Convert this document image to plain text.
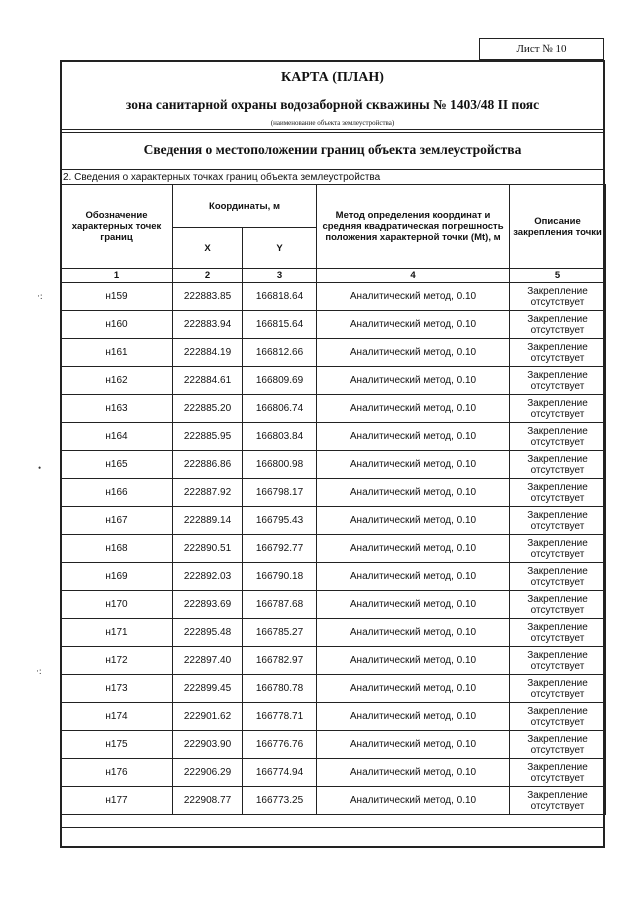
Лист № 10
КАРТА (ПЛАН)
зона санитарной охраны водозаборной скважины № 1403/48 II пояс
(наименование объекта землеустройства)
Сведения о местоположении границ объекта землеустройства
2. Сведения о характерных точках границ объекта землеустройства
Обозначение характерных точек границ	Координаты, м		Метод определения координат и средняя квадратическая погрешность положения характерной точки (Mt), м	Описание закрепления точки
	X	Y		
1	2	3	4	5
н159	222883.85	166818.64	Аналитический метод, 0.10	Закрепление отсутствует
н160	222883.94	166815.64	Аналитический метод, 0.10	Закрепление отсутствует
н161	222884.19	166812.66	Аналитический метод, 0.10	Закрепление отсутствует
н162	222884.61	166809.69	Аналитический метод, 0.10	Закрепление отсутствует
н163	222885.20	166806.74	Аналитический метод, 0.10	Закрепление отсутствует
н164	222885.95	166803.84	Аналитический метод, 0.10	Закрепление отсутствует
н165	222886.86	166800.98	Аналитический метод, 0.10	Закрепление отсутствует
н166	222887.92	166798.17	Аналитический метод, 0.10	Закрепление отсутствует
н167	222889.14	166795.43	Аналитический метод, 0.10	Закрепление отсутствует
н168	222890.51	166792.77	Аналитический метод, 0.10	Закрепление отсутствует
н169	222892.03	166790.18	Аналитический метод, 0.10	Закрепление отсутствует
н170	222893.69	166787.68	Аналитический метод, 0.10	Закрепление отсутствует
н171	222895.48	166785.27	Аналитический метод, 0.10	Закрепление отсутствует
н172	222897.40	166782.97	Аналитический метод, 0.10	Закрепление отсутствует
н173	222899.45	166780.78	Аналитический метод, 0.10	Закрепление отсутствует
н174	222901.62	166778.71	Аналитический метод, 0.10	Закрепление отсутствует
н175	222903.90	166776.76	Аналитический метод, 0.10	Закрепление отсутствует
н176	222906.29	166774.94	Аналитический метод, 0.10	Закрепление отсутствует
н177	222908.77	166773.25	Аналитический метод, 0.10	Закрепление отсутствует
·:
•
·:
